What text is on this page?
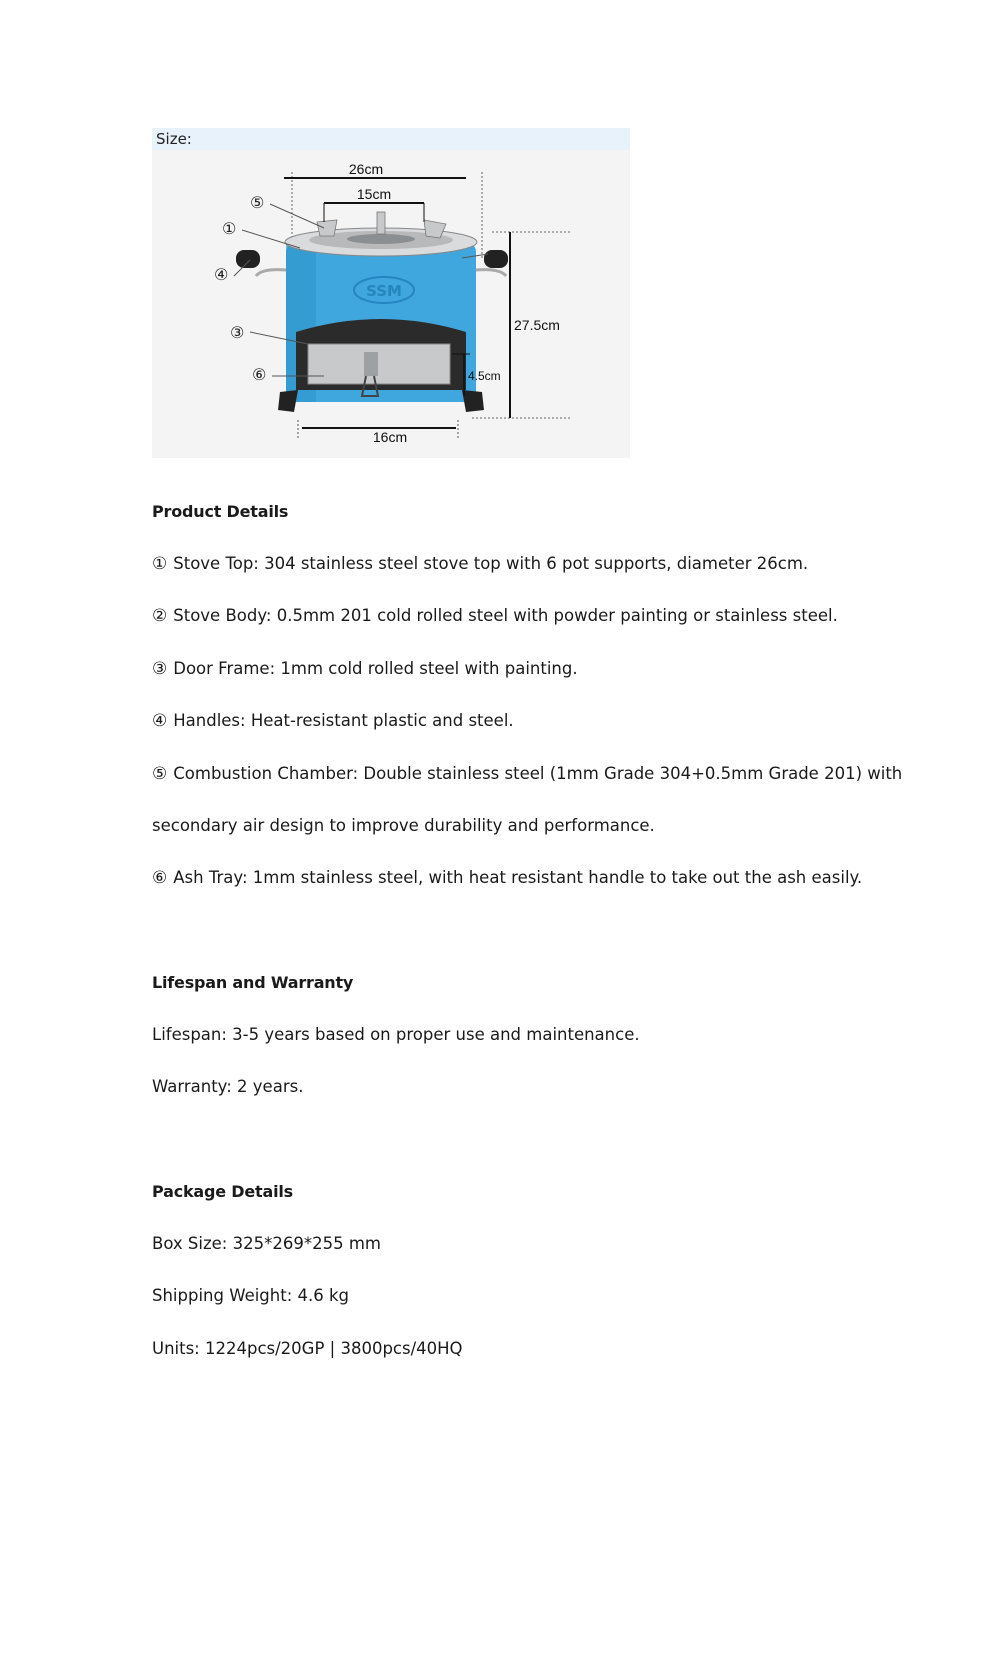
Size:
SSM
26cm
15cm
27.5cm
4.5cm
16cm
⑤
①
②
④
③
⑥
Product Details
① Stove Top: 304 stainless steel stove top with 6 pot supports, diameter 26cm.
② Stove Body: 0.5mm 201 cold rolled steel with powder painting or stainless steel.
③ Door Frame: 1mm cold rolled steel with painting.
④ Handles: Heat-resistant plastic and steel.
⑤ Combustion Chamber: Double stainless steel (1mm Grade 304+0.5mm Grade 201) with
secondary air design to improve durability and performance.
⑥ Ash Tray: 1mm stainless steel, with heat resistant handle to take out the ash easily.
Lifespan and Warranty
Lifespan: 3-5 years based on proper use and maintenance.
Warranty: 2 years.
Package Details
Box Size: 325*269*255 mm
Shipping Weight: 4.6 kg
Units: 1224pcs/20GP | 3800pcs/40HQ
